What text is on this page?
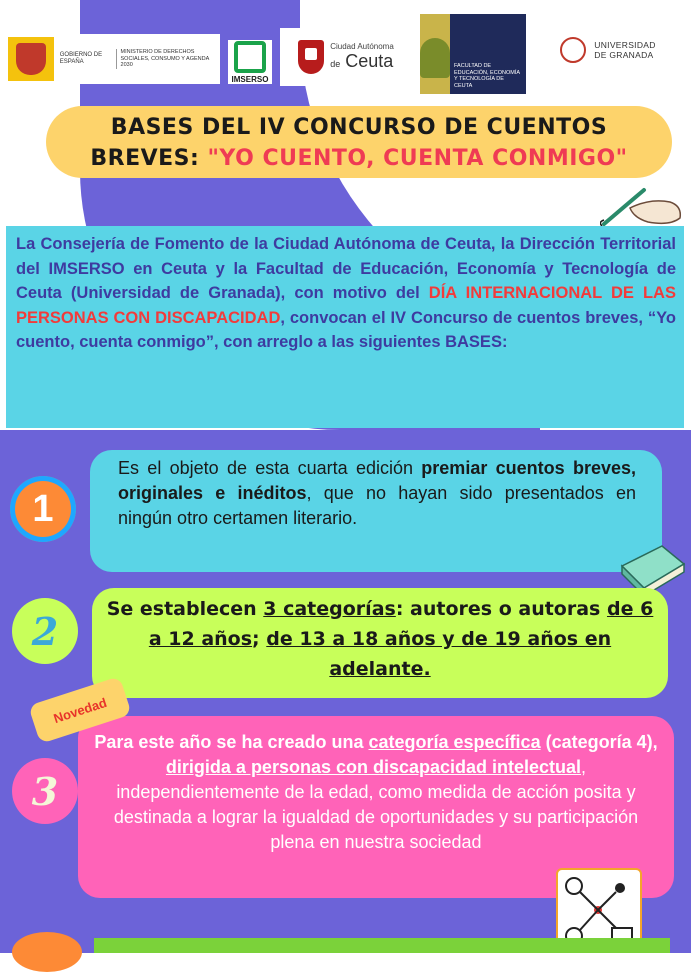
GOBIERNO DE ESPAÑA
MINISTERIO DE DERECHOS SOCIALES, CONSUMO Y AGENDA 2030
IMSERSO
Ciudad Autónoma

de Ceuta	FACULTAD DE EDUCACIÓN, ECONOMÍA Y TECNOLOGÍA DE CEUTA
UNIVERSIDAD
DE GRANADA
BASES DEL IV CONCURSO DE CUENTOS
BREVES: "YO CUENTO, CUENTA CONMIGO"
La Consejería de Fomento de la Ciudad Autónoma de Ceuta, la Dirección Territorial del IMSERSO en Ceuta y la Facultad de Educación, Economía y Tecnología de Ceuta (Universidad de Granada), con motivo del DÍA INTERNACIONAL DE LAS PERSONAS CON DISCAPACIDAD, convocan el IV Concurso de cuentos breves, “Yo cuento, cuenta conmigo”, con arreglo a las siguientes BASES:

Es el objeto de esta cuarta edición premiar cuentos breves, originales e inéditos, que no hayan sido presentados en ningún otro certamen literario.

1

Se establecen 3 categorías: autores o autoras de 6 a 12 años; de 13 a 18 años y de 19 años en adelante.

2

Para este año se ha creado una categoría específica (categoría 4), dirigida a personas con discapacidad intelectual, independientemente de la edad, como medida de acción posita y destinada a lograr la igualdad de oportunidades y su participación plena en nuestra sociedad

Novedad
3
